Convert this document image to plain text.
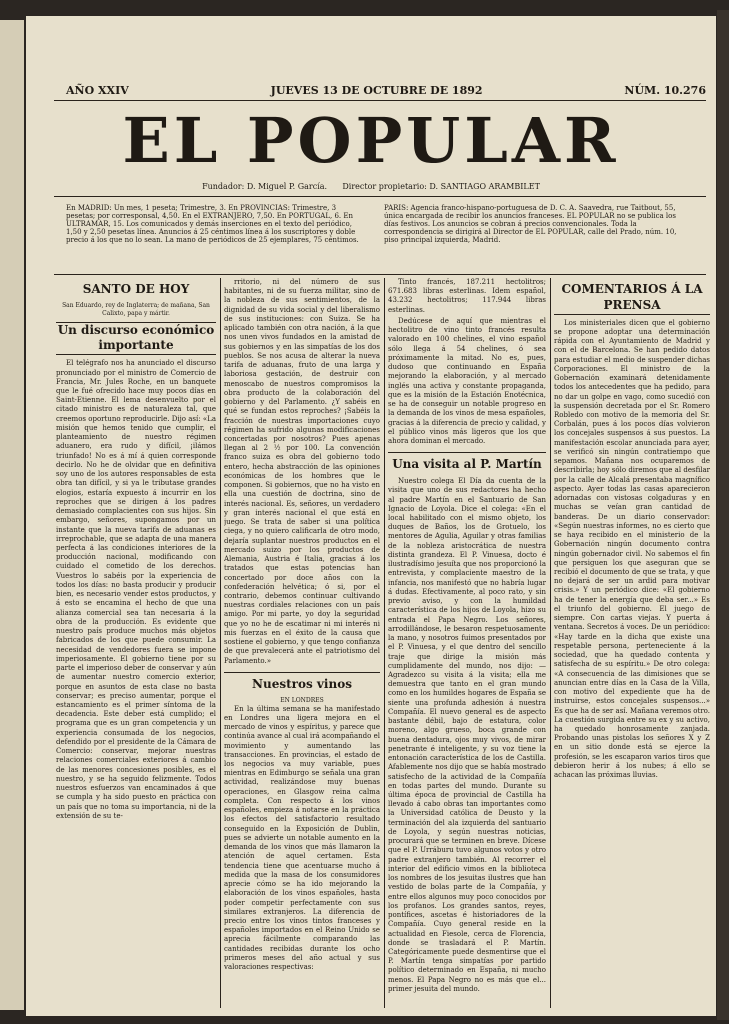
AÑO XXIV	JUEVES 13 DE OCTUBRE DE 1892	NÚM. 10.276
EL POPULAR
Fundador: D. Miguel P. García. Director propietario: D. SANTIAGO ARAMBILET
En MADRID: Un mes, 1 peseta; Trimestre, 3. En PROVINCIAS: Trimestre, 3 pesetas; por corresponsal, 4,50. En el EXTRANJERO, 7,50. En PORTUGAL, 6. En ULTRAMAR, 15. Los comunicados y demás inserciones en el texto del periódico, 1,50 y 2,50 pesetas línea. Anuncios á 25 céntimos línea á los suscriptores y doble precio á los que no lo sean. La mano de periódicos de 25 ejemplares, 75 céntimos.
PARIS: Agencia franco-hispano-portuguesa de D. C. A. Saavedra, rue Taitbout, 55, única encargada de recibir los anuncios franceses. EL POPULAR no se publica los días festivos. Los anuncios se cobran á precios convencionales. Toda la correspondencia se dirigirá al Director de EL POPULAR, calle del Prado, núm. 10, piso principal izquierda, Madrid.
SANTO DE HOY
San Eduardo, rey de Inglaterra; de mañana, San Calixto, papa y mártir.
Un discurso económico importante

El telégrafo nos ha anunciado el discurso pronunciado por el ministro de Comercio de Francia, Mr. Jules Roche, en un banquete que le fué ofrecido hace muy pocos días en Saint-Etienne. El lema desenvuelto por el citado ministro es de naturaleza tal, que creemos oportuno reproducirle. Dijo así: «La misión que hemos tenido que cumplir, el planteamiento de nuestro régimen aduanero, era rudo y difícil, ¡ilámos triunfado! No es á mí á quien corresponde decirlo. No he de olvidar que en definitiva soy uno de los autores responsables de esta obra tan difícil, y si ya le tributase grandes elogios, estaría expuesto á incurrir en los reproches que se dirigen á los padres demasiado complacientes con sus hijos. Sin embargo, señores, supongamos por un instante que la nueva tarifa de aduanas es irreprochable, que se adapta de una manera perfecta á las condiciones interiores de la producción nacional, modificando con cuidado el cometido de los derechos. Vuestros lo sabéis por la experiencia de todos los días: no basta producir y producir bien, es necesario vender estos productos, y á esto se encamina el hecho de que una alianza comercial sea tan necesaria á la obra de la producción. Es evidente que nuestro país produce muchos más objetos fabricados de los que puede consumir. La necesidad de vendedores fuera se impone imperiosamente. El gobierno tiene por su parte el imperioso deber de conservar y aún de aumentar nuestro comercio exterior, porque en asuntos de esta clase no basta conservar; es preciso aumentar, porque el estancamiento es el primer síntoma de la decadencia. Este deber está cumplido; el programa que es un gran competencia y un experiencia consumada de los negocios, defendido por el presidente de la Cámara de Comercio: conservar, mejorar nuestras relaciones comerciales exteriores á cambio de las menores concesiones posibles, es el nuestro, y se ha seguido felizmente. Todos nuestros esfuerzos van encaminados á que se cumpla y ha sido puesto en práctica con un país que no toma su importancia, ni de la extensión de su te-

rritorio, ni del número de sus habitantes, ni de su fuerza militar, sino de la nobleza de sus sentimientos, de la dignidad de su vida social y del liberalismo de sus instituciones: con Suiza. Se ha aplicado también con otra nación, á la que nos unen vivos fundados en la amistad de sus gobiernos y en las simpatías de los dos pueblos. Se nos acusa de alterar la nueva tarifa de aduanas, fruto de una larga y laboriosa gestación, de destruir con menoscabo de nuestros compromisos la obra producto de la colaboración del gobierno y del Parlamento. ¿Y sabéis en qué se fundan estos reproches? ¡Sabéis la fracción de nuestras importaciones cuyo régimen ha sufrido algunas modificaciones concertadas por nosotros? Pues apenas llegan al 2 ½ por 100. La convención franco suiza es obra del gobierno todo entero, hecha abstracción de las opiniones económicas de los hombres que le componen. Si gobiernos, que no ha visto en ella una cuestión de doctrina, sino de interés nacional. Es, señores, un verdadero y gran interés nacional el que está en juego. Se trata de saber si una política ciega, y no quiero calificarla de otro modo, dejaría suplantar nuestros productos en el mercado suizo por los productos de Alemania, Austria é Italia, gracias á los tratados que estas potencias han concertado por doce años con la confederación helvética; ó si, por el contrario, debemos continuar cultivando nuestras cordiales relaciones con un país amigo. Por mi parte, yo doy la seguridad que yo no he de escatimar ni mi interés ni mis fuerzas en el éxito de la causa que sostiene el gobierno, y que tengo confianza de que prevalecerá ante el patriotismo del Parlamento.»

Nuestros vinos
EN LONDRES

En la última semana se ha manifestado en Londres una ligera mejora en el mercado de vinos y espíritus, y parece que continúa avance al cual irá acompañando el movimiento y aumentando las transacciones. En provincias, el estado de los negocios va muy variable, pues mientras en Edimburgo se señala una gran actividad, realizándose muy buenas operaciones, en Glasgow reina calma completa. Con respecto á los vinos españoles, empieza á notarse en la práctica los efectos del satisfactorio resultado conseguido en la Exposición de Dublin, pues se advierte un notable aumento en la demanda de los vinos que más llamaron la atención de aquel certamen. Esta tendencia tiene que acentuarse mucho á medida que la masa de los consumidores aprecie cómo se ha ido mejorando la elaboración de los vinos españoles, hasta poder competir perfectamente con sus similares extranjeros. La diferencia de precio entre los vinos tintos franceses y españoles importados en el Reino Unido se aprecia fácilmente comparando las cantidades recibidas durante los ocho primeros meses del año actual y sus valoraciones respectivas:

Tinto francés, 187.211 hectolitros; 671.683 libras esterlinas. Idem español, 43.232 hectolitros; 117.944 libras esterlinas.

Dedúcese de aquí que mientras el hectolitro de vino tinto francés resulta valorado en 100 chelines, el vino español sólo llega á 54 chelines, ó sea próximamente la mitad. No es, pues, dudoso que continuando en España mejorando la elaboración, y al mercado inglés una activa y constante propaganda, que es la misión de la Estación Enotécnica, se ha de conseguir un notable progreso en la demanda de los vinos de mesa españoles, gracias á la diferencia de precio y calidad, y el público vinos más ligeros que los que ahora dominan el mercado.

Una visita al P. Martín

Nuestro colega El Día da cuenta de la visita que uno de sus redactores ha hecho al padre Martín en el Santuario de San Ignacio de Loyola. Dice el colega: «En el local habilitado con el mismo objeto, los duques de Baños, los de Grotuelo, los mentores de Agulia, Aguilar y otras familias de la nobleza aristocrática de nuestra distinta grandeza. El P. Vinuesa, docto é ilustradísimo jesuíta que nos proporcionó la entrevista, y complaciente maestro de la infancia, nos manifestó que no habría lugar á dudas. Efectivamente, al poco rato, y sin previo aviso, y con la humildad característica de los hijos de Loyola, hizo su entrada el Papa Negro. Los señores, arrodillándose, le besaron respetuosamente la mano, y nosotros fuimos presentados por el P. Vinuesa, y el que dentro del sencillo traje que dirige la misión más cumplidamente del mundo, nos dijo: —Agradezco su visita á la visita; ella me demuestra que tanto en el gran mundo como en los humildes hogares de España se siente una profunda adhesión á nuestra Compañía. El nuevo general es de aspecto bastante débil, bajo de estatura, color moreno, algo grueso, boca grande con buena dentadura, ojos muy vivos, de mirar penetrante é inteligente, y su voz tiene la entonación característica de los de Castilla. Afablemente nos dijo que se había mostrado satisfecho de la actividad de la Compañía en todas partes del mundo. Durante su última época de provincial de Castilla ha llevado á cabo obras tan importantes como la Universidad católica de Deusto y la terminación del ala izquierda del santuario de Loyola, y según nuestras noticias, procurará que se terminen en breve. Dícese que el P. Urráburu tuvo algunos votos y otro padre extranjero también. Al recorrer el interior del edificio vimos en la biblioteca los nombres de los jesuitas ilustres que han vestido de bolas parte de la Compañía, y entre ellos algunos muy poco conocidos por los profanos. Los grandes santos, reyes, pontífices, ascetas é historiadores de la Compañía. Cuyo general reside en la actualidad en Fiesole, cerca de Florencia, donde se trasladará el P. Martín. Categóricamente puede desmentirse que el P. Martín tenga simpatías por partido político determinado en España, ni mucho menos. El Papa Negro no es más que el... primer jesuita del mundo.

COMENTARIOS Á LA PRENSA

Los ministeriales dicen que el gobierno se propone adoptar una determinación rápida con el Ayuntamiento de Madrid y con el de Barcelona. Se han pedido datos para estudiar el medio de suspender dichas Corporaciones. El ministro de la Gobernación examinará detenidamente todos los antecedentes que ha pedido, para no dar un golpe en vago, como sucedió con la suspensión decretada por el Sr. Romero Robledo con motivo de la memoria del Sr. Corbalán, pues á los pocos días volvieron los concejales suspensos á sus puestos. La manifestación escolar anunciada para ayer, se verificó sin ningún contratiempo que sepamos. Mañana nos ocuparemos de describirla; hoy sólo diremos que al desfilar por la calle de Alcalá presentaba magnífico aspecto. Ayer todas las casas aparecieron adornadas con vistosas colgaduras y en muchas se veían gran cantidad de banderas. De un diario conservador: «Según nuestras informes, no es cierto que se haya recibido en el ministerio de la Gobernación ningún documento contra ningún gobernador civil. No sabemos el fin que persiguen los que aseguran que se recibió el documento de que se trata, y que no dejará de ser un ardid para motivar crisis.» Y un periódico dice: «El gobierno ha de tener la energía que deba ser...» Es el triunfo del gobierno. El juego de siempre. Con cartas viejas. Y puerta á ventana. Secretos á voces. De un periódico: «Hay tarde en la dicha que existe una respetable persona, perteneciente á la sociedad, que ha quedado contenta y satisfecha de su espíritu.» De otro colega: «A consecuencia de las dimisiones que se anuncian entre días en la Casa de la Villa, con motivo del expediente que ha de instruirse, estos concejales suspensos...» Es que ha de ser así. Mañana veremos otro. La cuestión surgida entre su ex y su activo, ha quedado honrosamente zanjada. Probando unas pistolas los señores X y Z en un sitio donde está se ejerce la profesión, se les escaparon varios tiros que debieron herir á los nubes; á ello se achacan las próximas lluvias.
